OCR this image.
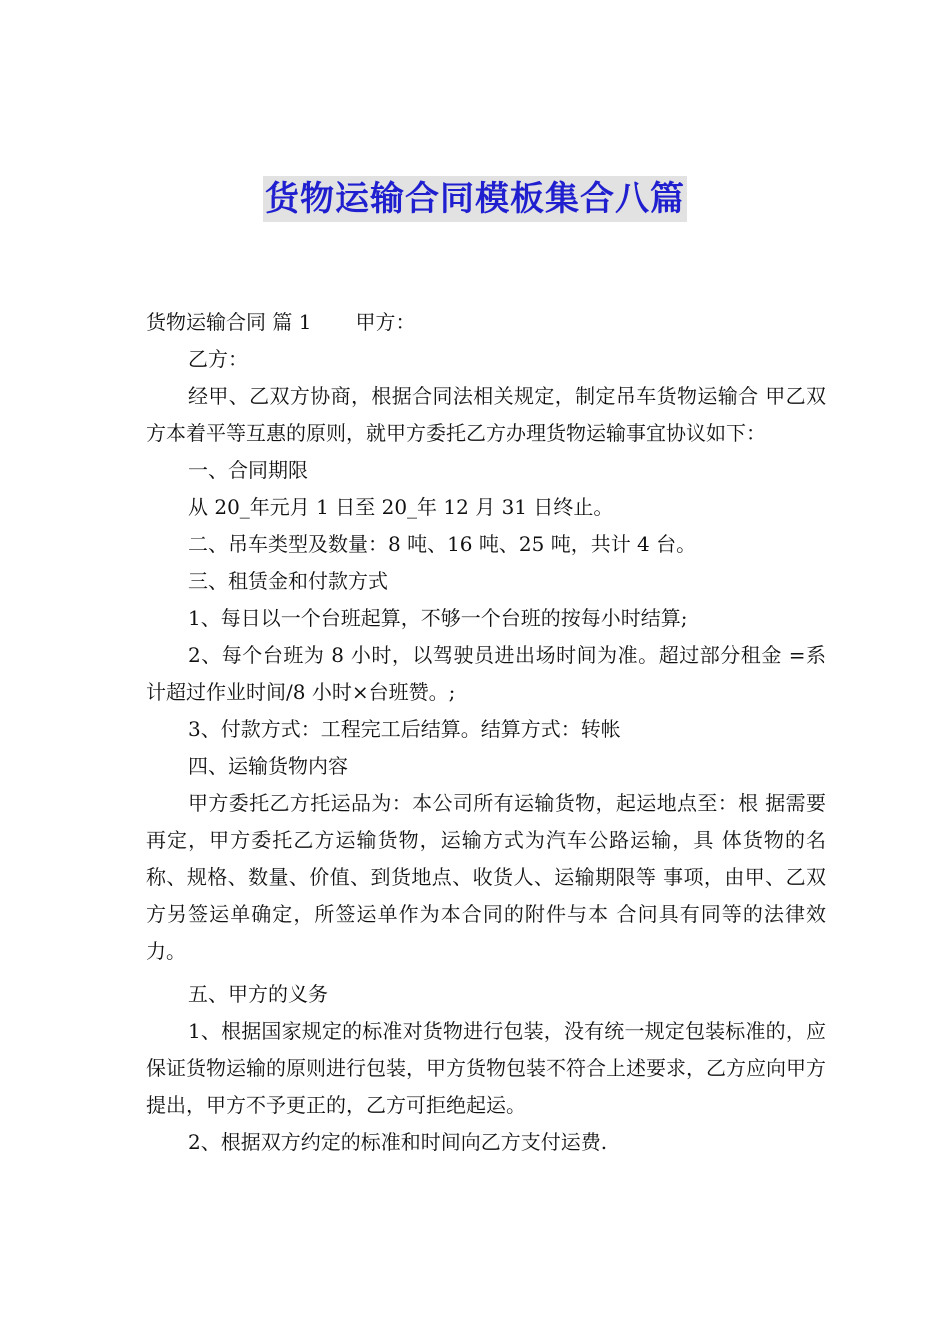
货物运输合同模板集合八篇

货物运输合同 篇 1 甲方：

乙方：

经甲、乙双方协商，根据合同法相关规定，制定吊车货物运输合 甲乙双方本着平等互惠的原则，就甲方委托乙方办理货物运输事宜协议如下：

一、合同期限

从 20_年元月 1 日至 20_年 12 月 31 日终止。

二、吊车类型及数量：8 吨、16 吨、25 吨，共计 4 台。

三、租赁金和付款方式

1、每日以一个台班起算，不够一个台班的按每小时结算;

2、每个台班为 8 小时，以驾驶员进出场时间为准。超过部分租金 =系计超过作业时间/8 小时×台班赞。;

3、付款方式：工程完工后结算。结算方式：转帐

四、运输货物内容

甲方委托乙方托运品为：本公司所有运输货物，起运地点至：根 据需要再定，甲方委托乙方运输货物，运输方式为汽车公路运输，具 体货物的名称、规格、数量、价值、到货地点、收货人、运输期限等 事项，由甲、乙双方另签运单确定，所签运单作为本合同的附件与本 合问具有同等的法律效力。

五、甲方的义务

1、根据国家规定的标准对货物进行包装，没有统一规定包装标准的，应保证货物运输的原则进行包装，甲方货物包装不符合上述要求，乙方应向甲方提出，甲方不予更正的，乙方可拒绝起运。

2、根据双方约定的标准和时间向乙方支付运费.
